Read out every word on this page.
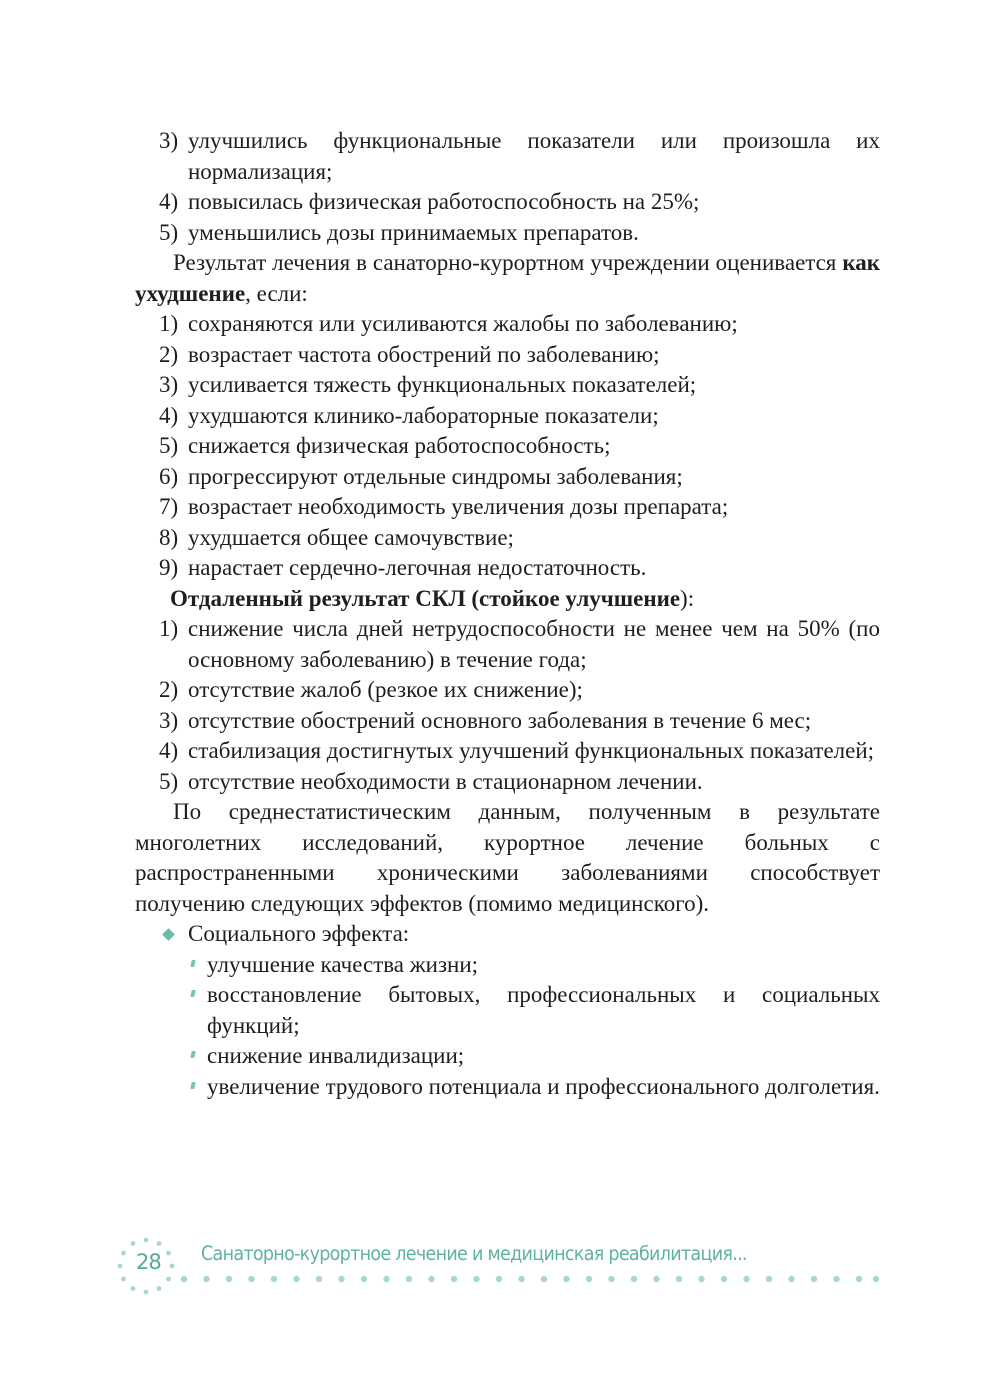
3) улучшились функциональные показатели или произошла их нормализация;
4) повысилась физическая работоспособность на 25%;
5) уменьшились дозы принимаемых препаратов.
Результат лечения в санаторно-курортном учреждении оценивается как ухудшение, если:
1) сохраняются или усиливаются жалобы по заболеванию;
2) возрастает частота обострений по заболеванию;
3) усиливается тяжесть функциональных показателей;
4) ухудшаются клинико-лабораторные показатели;
5) снижается физическая работоспособность;
6) прогрессируют отдельные синдромы заболевания;
7) возрастает необходимость увеличения дозы препарата;
8) ухудшается общее самочувствие;
9) нарастает сердечно-легочная недостаточность.
Отдаленный результат СКЛ (стойкое улучшение):
1) снижение числа дней нетрудоспособности не менее чем на 50% (по основному заболеванию) в течение года;
2) отсутствие жалоб (резкое их снижение);
3) отсутствие обострений основного заболевания в течение 6 мес;
4) стабилизация достигнутых улучшений функциональных показателей;
5) отсутствие необходимости в стационарном лечении.
По среднестатистическим данным, полученным в результате многолетних исследований, курортное лечение больных с распространенными хроническими заболеваниями способствует получению следующих эффектов (помимо медицинского).
Социального эффекта:
улучшение качества жизни;
восстановление бытовых, профессиональных и социальных функций;
снижение инвалидизации;
увеличение трудового потенциала и профессионального долголетия.
28 Санаторно-курортное лечение и медицинская реабилитация...
